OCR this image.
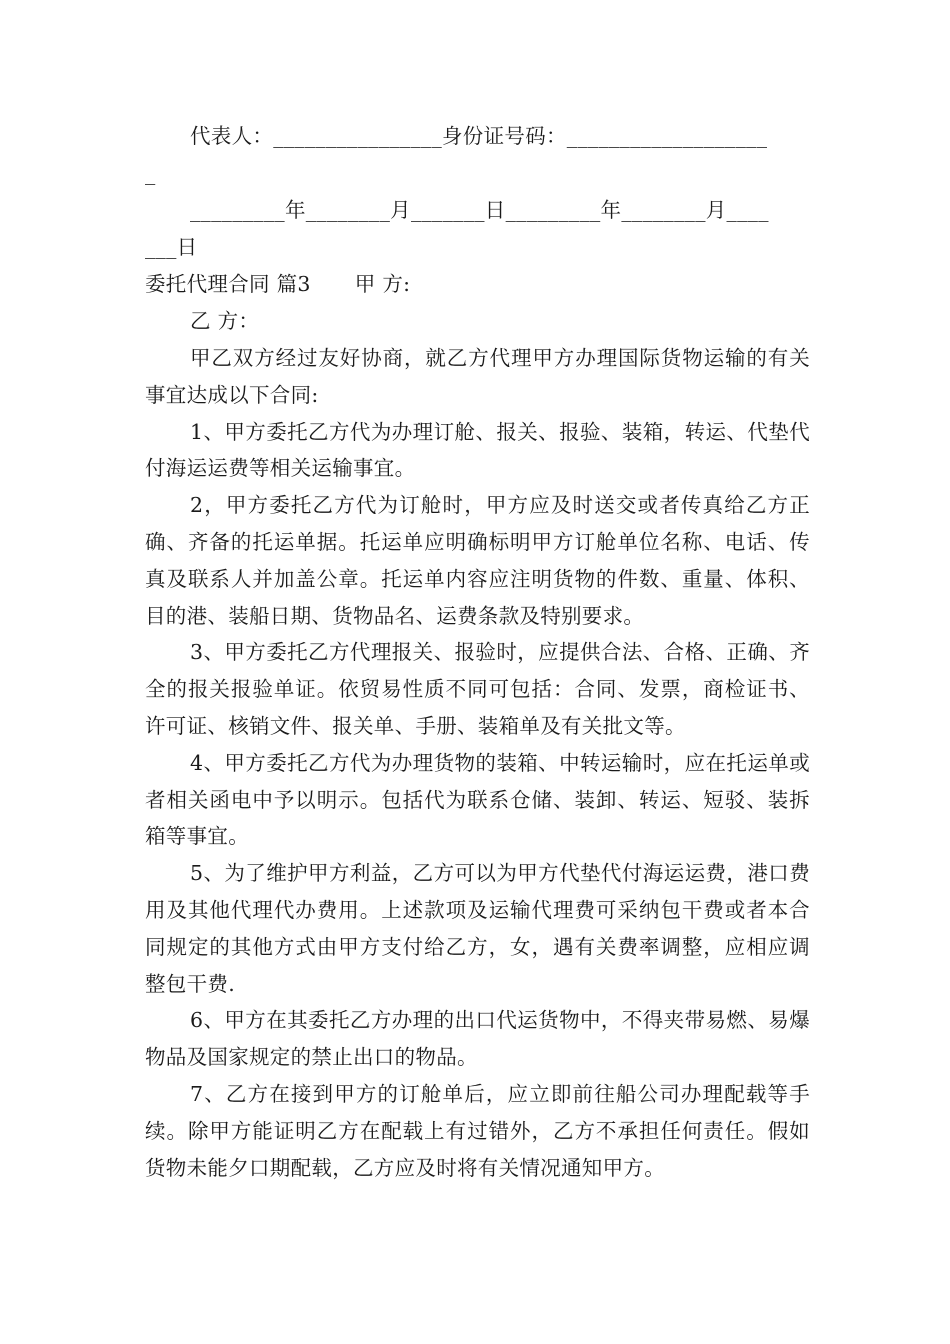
代表人：________________身份证号码：___________________
_
_________年________月_______日_________年________月____
___日
委托代理合同 篇3 甲 方:
乙 方：

甲乙双方经过友好协商，就乙方代理甲方办理国际货物运输的有关事宜达成以下合同:

1、甲方委托乙方代为办理订舱、报关、报验、装箱，转运、代垫代付海运运费等相关运输事宜。

2，甲方委托乙方代为订舱时，甲方应及时送交或者传真给乙方正确、齐备的托运单据。托运单应明确标明甲方订舱单位名称、电话、传真及联系人并加盖公章。托运单内容应注明货物的件数、重量、体积、目的港、装船日期、货物品名、运费条款及特别要求。

3、甲方委托乙方代理报关、报验时，应提供合法、合格、正确、齐全的报关报验单证。依贸易性质不同可包括：合同、发票，商检证书、许可证、核销文件、报关单、手册、装箱单及有关批文等。

4、甲方委托乙方代为办理货物的装箱、中转运输时，应在托运单或者相关函电中予以明示。包括代为联系仓储、装卸、转运、短驳、装拆箱等事宜。

5、为了维护甲方利益，乙方可以为甲方代垫代付海运运费，港口费用及其他代理代办费用。上述款项及运输代理费可采纳包干费或者本合同规定的其他方式由甲方支付给乙方，女，遇有关费率调整，应相应调整包干费.

6、甲方在其委托乙方办理的出口代运货物中，不得夹带易燃、易爆物品及国家规定的禁止出口的物品。

7、乙方在接到甲方的订舱单后，应立即前往船公司办理配载等手续。除甲方能证明乙方在配载上有过错外，乙方不承担任何责任。假如货物未能夕口期配载，乙方应及时将有关情况通知甲方。
